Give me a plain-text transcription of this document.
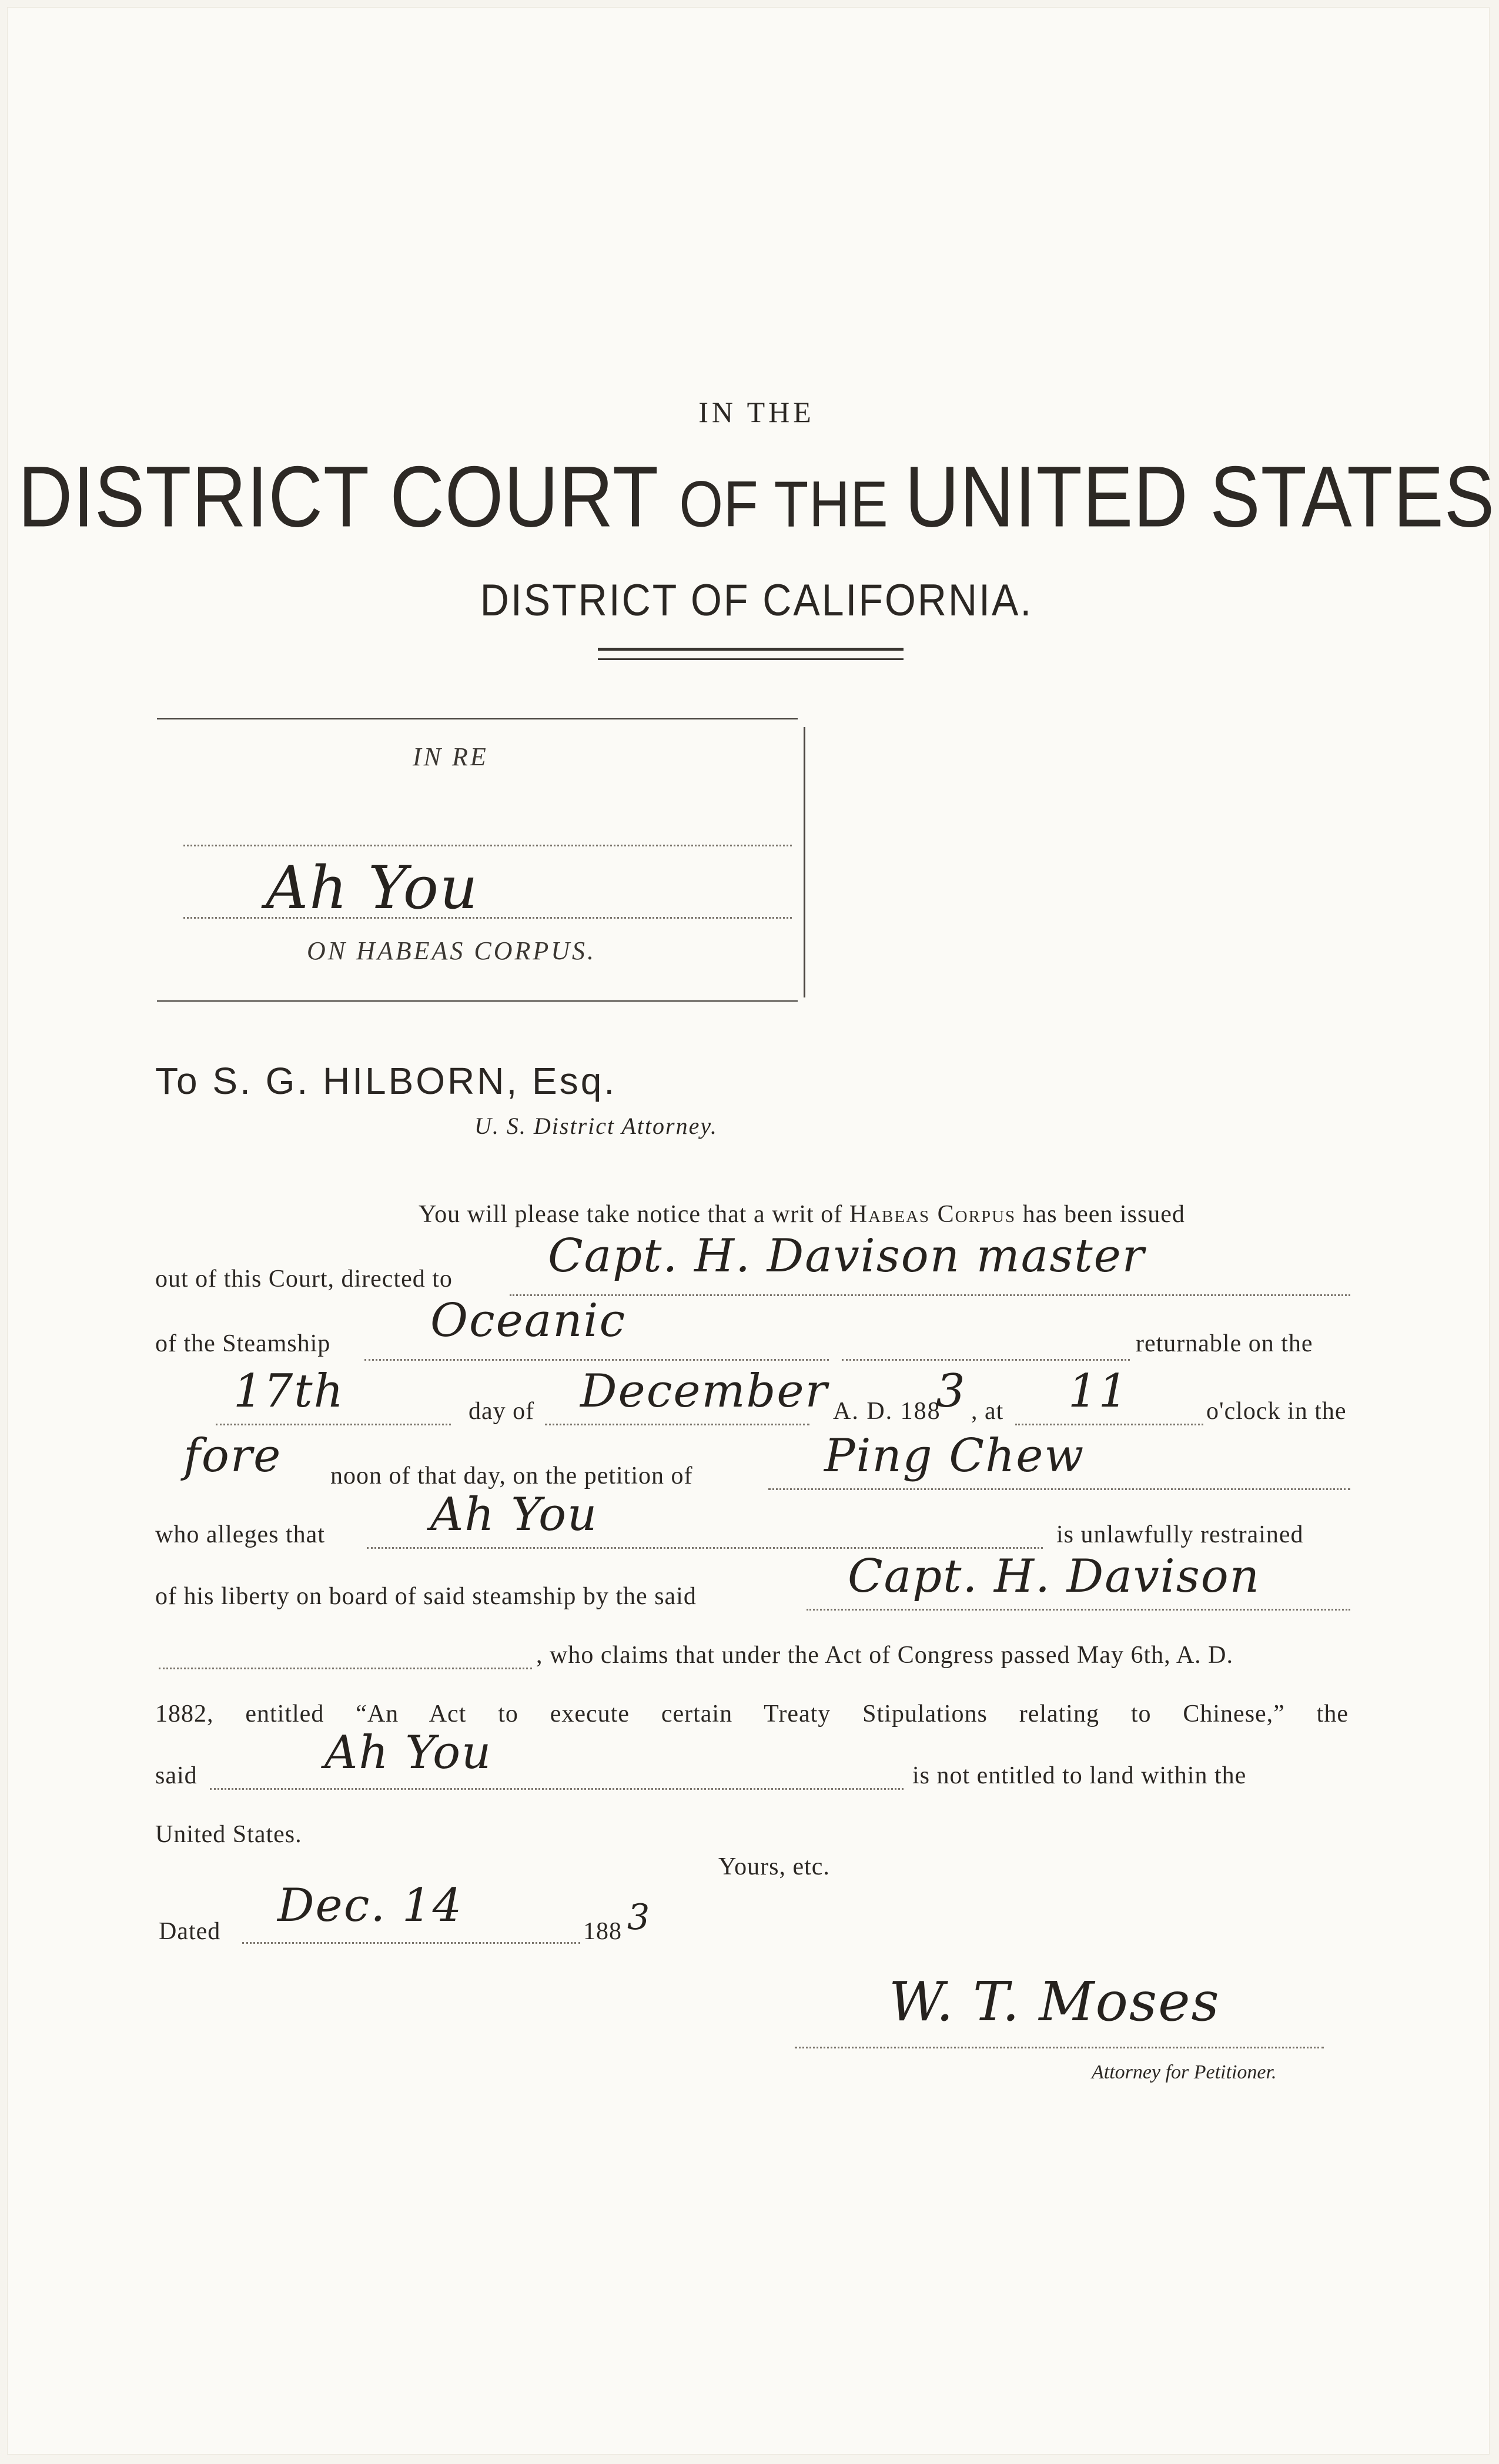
IN THE
DISTRICT COURT OF THE UNITED STATES
DISTRICT OF CALIFORNIA.
IN RE
Ah You
ON HABEAS CORPUS.
To S. G. HILBORN, Esq.
U. S. District Attorney.
You will please take notice that a writ of Habeas Corpus has been issued
out of this Court, directed to Capt. H. Davison master
of the Steamship Oceanic	returnable on the
17th	day of December A. D. 188
3 , at 11	o'clock in the
fore noon of that day, on the petition of	Ping Chew
who alleges that Ah You	is unlawfully restrained
of his liberty on board of said steamship by the said	Capt. H. Davison
, who claims that under the Act of Congress passed May 6th, A. D.
1882, entitled “An Act to execute certain Treaty Stipulations relating to Chinese,” the
said	Ah You	is not entitled to land within the
United States.
Yours, etc.
Dated Dec. 14	188 3
W. T. Moses
Attorney for Petitioner.
